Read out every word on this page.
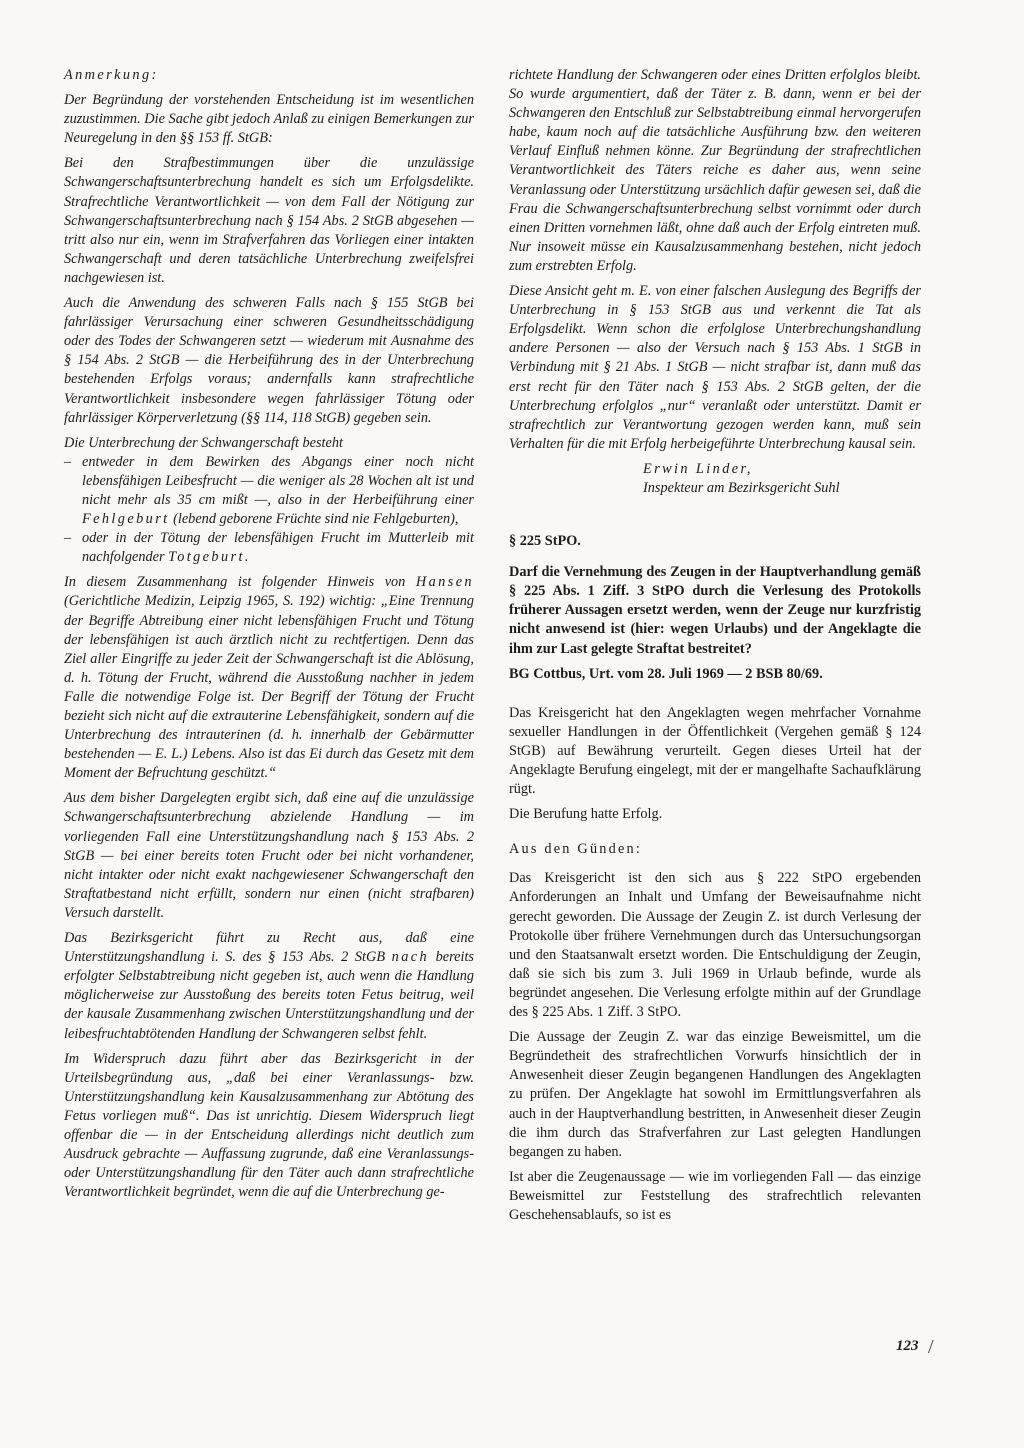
Anmerkung:

Der Begründung der vorstehenden Entscheidung ist im wesentlichen zuzustimmen. Die Sache gibt jedoch Anlaß zu einigen Bemerkungen zur Neuregelung in den §§ 153 ff. StGB:

Bei den Strafbestimmungen über die unzulässige Schwangerschaftsunterbrechung handelt es sich um Erfolgsdelikte. Strafrechtliche Verantwortlichkeit — von dem Fall der Nötigung zur Schwangerschaftsunterbrechung nach § 154 Abs. 2 StGB abgesehen — tritt also nur ein, wenn im Strafverfahren das Vorliegen einer intakten Schwangerschaft und deren tatsächliche Unterbrechung zweifelsfrei nachgewiesen ist.

Auch die Anwendung des schweren Falls nach § 155 StGB bei fahrlässiger Verursachung einer schweren Gesundheitsschädigung oder des Todes der Schwangeren setzt — wiederum mit Ausnahme des § 154 Abs. 2 StGB — die Herbeiführung des in der Unterbrechung bestehenden Erfolgs voraus; andernfalls kann strafrechtliche Verantwortlichkeit insbesondere wegen fahrlässiger Tötung oder fahrlässiger Körperverletzung (§§ 114, 118 StGB) gegeben sein.

Die Unterbrechung der Schwangerschaft besteht

– entweder in dem Bewirken des Abgangs einer noch nicht lebensfähigen Leibesfrucht — die weniger als 28 Wochen alt ist und nicht mehr als 35 cm mißt —, also in der Herbeiführung einer Fehlgeburt (lebend geborene Früchte sind nie Fehlgeburten),
– oder in der Tötung der lebensfähigen Frucht im Mutterleib mit nachfolgender Totgeburt.

In diesem Zusammenhang ist folgender Hinweis von Hansen (Gerichtliche Medizin, Leipzig 1965, S. 192) wichtig: „Eine Trennung der Begriffe Abtreibung einer nicht lebensfähigen Frucht und Tötung der lebensfähigen ist auch ärztlich nicht zu rechtfertigen. Denn das Ziel aller Eingriffe zu jeder Zeit der Schwangerschaft ist die Ablösung, d. h. Tötung der Frucht, während die Ausstoßung nachher in jedem Falle die notwendige Folge ist. Der Begriff der Tötung der Frucht bezieht sich nicht auf die extrauterine Lebensfähigkeit, sondern auf die Unterbrechung des intrauterinen (d. h. innerhalb der Gebärmutter bestehenden — E. L.) Lebens. Also ist das Ei durch das Gesetz mit dem Moment der Befruchtung geschützt.“

Aus dem bisher Dargelegten ergibt sich, daß eine auf die unzulässige Schwangerschaftsunterbrechung abzielende Handlung — im vorliegenden Fall eine Unterstützungshandlung nach § 153 Abs. 2 StGB — bei einer bereits toten Frucht oder bei nicht vorhandener, nicht intakter oder nicht exakt nachgewiesener Schwangerschaft den Straftatbestand nicht erfüllt, sondern nur einen (nicht strafbaren) Versuch darstellt.

Das Bezirksgericht führt zu Recht aus, daß eine Unterstützungshandlung i. S. des § 153 Abs. 2 StGB nach bereits erfolgter Selbstabtreibung nicht gegeben ist, auch wenn die Handlung möglicherweise zur Ausstoßung des bereits toten Fetus beitrug, weil der kausale Zusammenhang zwischen Unterstützungshandlung und der leibesfruchtabtötenden Handlung der Schwangeren selbst fehlt.

Im Widerspruch dazu führt aber das Bezirksgericht in der Urteilsbegründung aus, „daß bei einer Veranlassungs- bzw. Unterstützungshandlung kein Kausalzusammenhang zur Abtötung des Fetus vorliegen muß“. Das ist unrichtig. Diesem Widerspruch liegt offenbar die — in der Entscheidung allerdings nicht deutlich zum Ausdruck gebrachte — Auffassung zugrunde, daß eine Veranlassungs- oder Unterstützungshandlung für den Täter auch dann strafrechtliche Verantwortlichkeit begründet, wenn die auf die Unterbrechung ge-

richtete Handlung der Schwangeren oder eines Dritten erfolglos bleibt. So wurde argumentiert, daß der Täter z. B. dann, wenn er bei der Schwangeren den Entschluß zur Selbstabtreibung einmal hervorgerufen habe, kaum noch auf die tatsächliche Ausführung bzw. den weiteren Verlauf Einfluß nehmen könne. Zur Begründung der strafrechtlichen Verantwortlichkeit des Täters reiche es daher aus, wenn seine Veranlassung oder Unterstützung ursächlich dafür gewesen sei, daß die Frau die Schwangerschaftsunterbrechung selbst vornimmt oder durch einen Dritten vornehmen läßt, ohne daß auch der Erfolg eintreten muß. Nur insoweit müsse ein Kausalzusammenhang bestehen, nicht jedoch zum erstrebten Erfolg.

Diese Ansicht geht m. E. von einer falschen Auslegung des Begriffs der Unterbrechung in § 153 StGB aus und verkennt die Tat als Erfolgsdelikt. Wenn schon die erfolglose Unterbrechungshandlung andere Personen — also der Versuch nach § 153 Abs. 1 StGB in Verbindung mit § 21 Abs. 1 StGB — nicht strafbar ist, dann muß das erst recht für den Täter nach § 153 Abs. 2 StGB gelten, der die Unterbrechung erfolglos „nur“ veranlaßt oder unterstützt. Damit er strafrechtlich zur Verantwortung gezogen werden kann, muß sein Verhalten für die mit Erfolg herbeigeführte Unterbrechung kausal sein.

Erwin Linder,
Inspekteur am Bezirksgericht Suhl

§ 225 StPO.

Darf die Vernehmung des Zeugen in der Hauptverhandlung gemäß § 225 Abs. 1 Ziff. 3 StPO durch die Verlesung des Protokolls früherer Aussagen ersetzt werden, wenn der Zeuge nur kurzfristig nicht anwesend ist (hier: wegen Urlaubs) und der Angeklagte die ihm zur Last gelegte Straftat bestreitet?

BG Cottbus, Urt. vom 28. Juli 1969 — 2 BSB 80/69.

Das Kreisgericht hat den Angeklagten wegen mehrfacher Vornahme sexueller Handlungen in der Öffentlichkeit (Vergehen gemäß § 124 StGB) auf Bewährung verurteilt. Gegen dieses Urteil hat der Angeklagte Berufung eingelegt, mit der er mangelhafte Sachaufklärung rügt.

Die Berufung hatte Erfolg.

Aus den Günden:

Das Kreisgericht ist den sich aus § 222 StPO ergebenden Anforderungen an Inhalt und Umfang der Beweisaufnahme nicht gerecht geworden. Die Aussage der Zeugin Z. ist durch Verlesung der Protokolle über frühere Vernehmungen durch das Untersuchungsorgan und den Staatsanwalt ersetzt worden. Die Entschuldigung der Zeugin, daß sie sich bis zum 3. Juli 1969 in Urlaub befinde, wurde als begründet angesehen. Die Verlesung erfolgte mithin auf der Grundlage des § 225 Abs. 1 Ziff. 3 StPO.

Die Aussage der Zeugin Z. war das einzige Beweismittel, um die Begründetheit des strafrechtlichen Vorwurfs hinsichtlich der in Anwesenheit dieser Zeugin begangenen Handlungen des Angeklagten zu prüfen. Der Angeklagte hat sowohl im Ermittlungsverfahren als auch in der Hauptverhandlung bestritten, in Anwesenheit dieser Zeugin die ihm durch das Strafverfahren zur Last gelegten Handlungen begangen zu haben.

Ist aber die Zeugenaussage — wie im vorliegenden Fall — das einzige Beweismittel zur Feststellung des strafrechtlich relevanten Geschehensablaufs, so ist es

123 /
